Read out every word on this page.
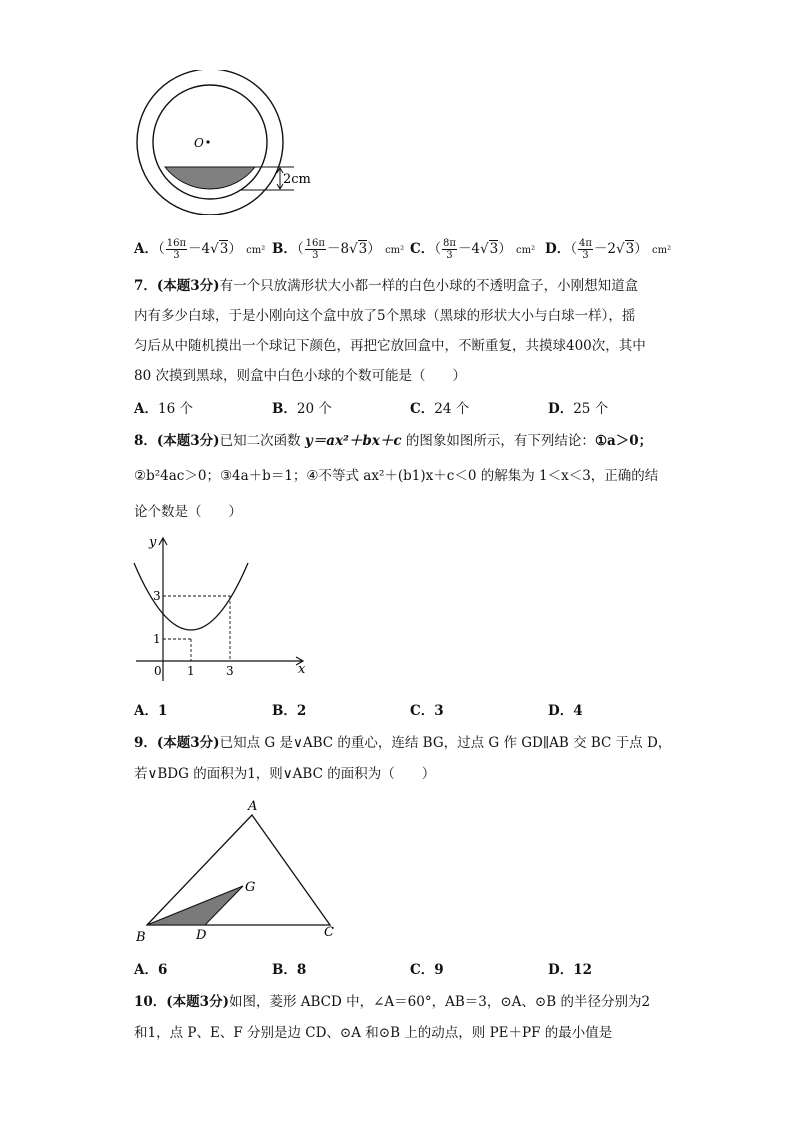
O
2cm
A．（ $\frac{16\pi}{3} -4√3$） cm² B．（ $\frac{16\pi}{3} -8√3$） cm² C．（ $\frac{8\pi}{3} -4√3$） cm² D．（ $\frac{4\pi}{3} -2√3$） cm²
7．(本题3分)有一个只放满形状大小都一样的白色小球的不透明盒子，小刚想知道盒
内有多少白球，于是小刚向这个盒中放了5个黑球（黑球的形状大小与白球一样），摇
匀后从中随机摸出一个球记下颜色，再把它放回盒中，不断重复，共摸球400次，其中
80 次摸到黑球，则盒中白色小球的个数可能是（　　）
A．16 个	B．20 个	C．24 个	D．25 个
8．(本题3分)已知二次函数 y＝ax²＋bx＋c 的图象如图所示，有下列结论：①a＞0；
②b²4ac＞0；③4a＋b＝1；④不等式 ax²＋(b1)x＋c＜0 的解集为 1＜x＜3，正确的结
论个数是（　　）
y
x
0 1	3
1
3
A．1	B．2	C．3	D．4
9．(本题3分)已知点 G 是∨ABC 的重心，连结 BG，过点 G 作 GD∥AB 交 BC 于点 D，
若∨BDG 的面积为1，则∨ABC 的面积为（　　）
A
B	C
D
G
A．6	B．8	C．9	D．12
10．(本题3分)如图，菱形 ABCD 中，∠A＝60°，AB＝3，⊙A、⊙B 的半径分别为2
和1，点 P、E、F 分别是边 CD、⊙A 和⊙B 上的动点，则 PE＋PF 的最小值是
